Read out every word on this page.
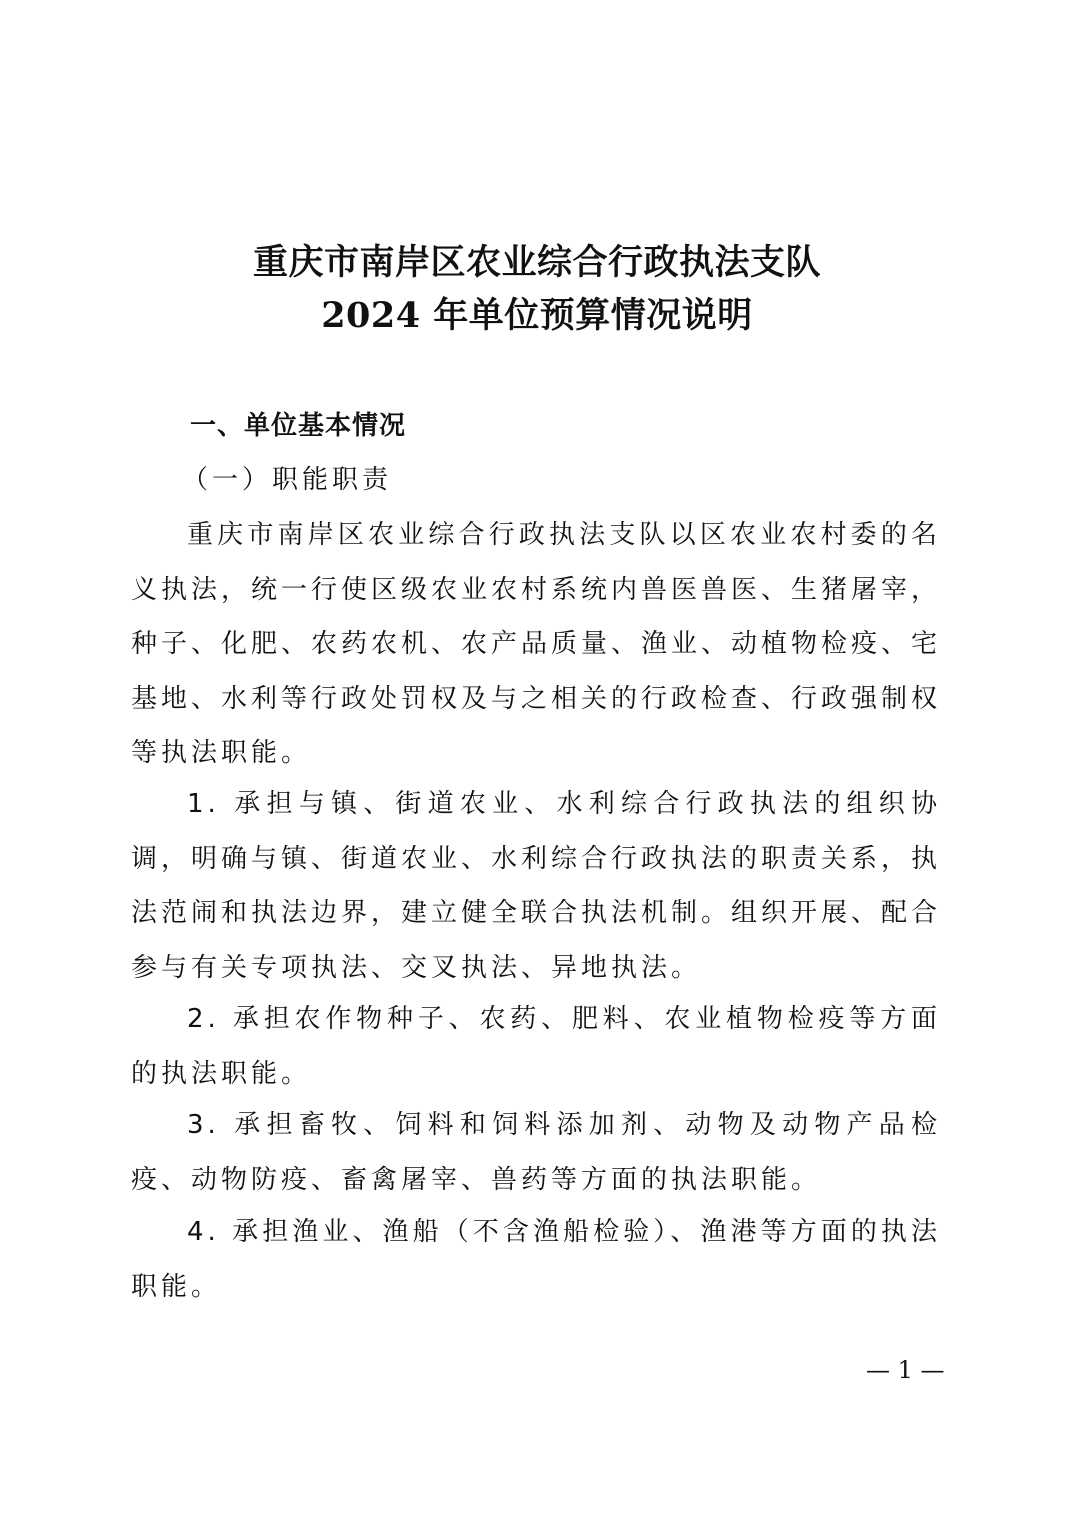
重庆市南岸区农业综合行政执法支队
2024 年单位预算情况说明
一、单位基本情况
（一）职能职责
重庆市南岸区农业综合行政执法支队以区农业农村委的名义执法，统一行使区级农业农村系统内兽医兽医、生猪屠宰，种子、化肥、农药农机、农产品质量、渔业、动植物检疫、宅基地、水利等行政处罚权及与之相关的行政检查、行政强制权等执法职能。
1. 承担与镇、街道农业、水利综合行政执法的组织协调，明确与镇、街道农业、水利综合行政执法的职责关系，执法范闹和执法边界，建立健全联合执法机制。组织开展、配合参与有关专项执法、交叉执法、异地执法。
2. 承担农作物种子、农药、肥料、农业植物检疫等方面的执法职能。
3. 承担畜牧、饲料和饲料添加剂、动物及动物产品检疫、动物防疫、畜禽屠宰、兽药等方面的执法职能。
4. 承担渔业、渔船（不含渔船检验）、渔港等方面的执法职能。
— 1 —
